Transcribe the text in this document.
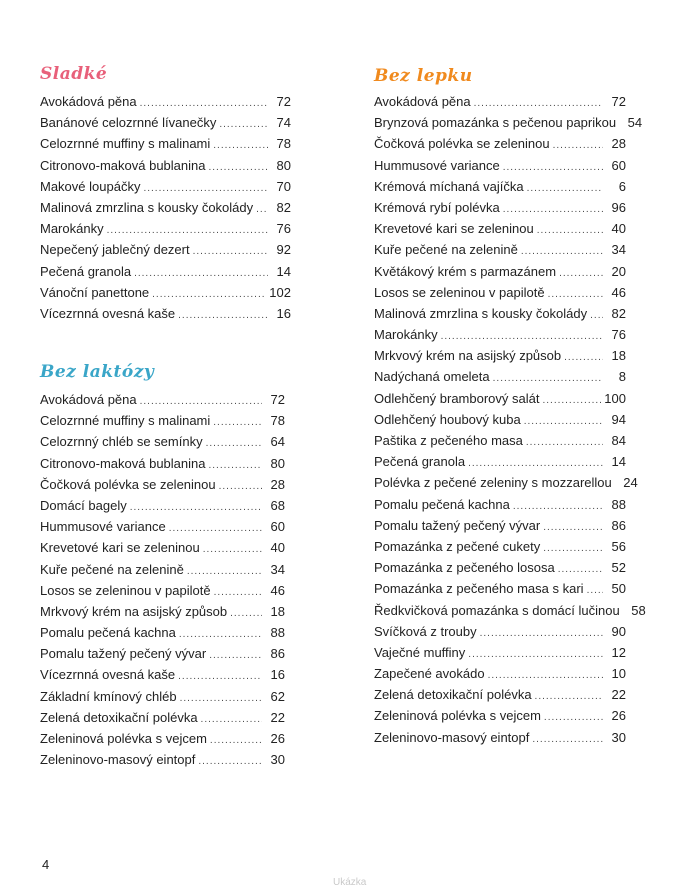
Sladké
Avokádová pěna .....	72
Banánové celozrnné lívanečky .....	74
Celozrnné muffiny s malinami .....	78
Citronovo-maková bublanina .....	80
Makové loupáčky .....	70
Malinová zmrzlina s kousky čokolády .....	82
Marokánky .....	76
Nepečený jablečný dezert .....	92
Pečená granola .....	14
Vánoční panettone .....	102
Vícezrnná ovesná kaše .....	16
Bez laktózy
Avokádová pěna .....	72
Celozrnné muffiny s malinami .....	78
Celozrnný chléb se semínky .....	64
Citronovo-maková bublanina .....	80
Čočková polévka se zeleninou .....	28
Domácí bagely .....	68
Hummusové variance .....	60
Krevetové kari se zeleninou .....	40
Kuře pečené na zelenině .....	34
Losos se zeleninou v papilotě .....	46
Mrkvový krém na asijský způsob .....	18
Pomalu pečená kachna .....	88
Pomalu tažený pečený vývar .....	86
Vícezrnná ovesná kaše .....	16
Základní kmínový chléb .....	62
Zelená detoxikační polévka .....	22
Zeleninová polévka s vejcem .....	26
Zeleninovo-masový eintopf .....	30
Bez lepku
Avokádová pěna .....	72
Brynzová pomazánka s pečenou paprikou 54
Čočková polévka se zeleninou .....	28
Hummusové variance .....	60
Krémová míchaná vajíčka .....	6
Krémová rybí polévka .....	96
Krevetové kari se zeleninou .....	40
Kuře pečené na zelenině .....	34
Květákový krém s parmazánem .....	20
Losos se zeleninou v papilotě .....	46
Malinová zmrzlina s kousky čokolády .....	82
Marokánky .....	76
Mrkvový krém na asijský způsob .....	18
Nadýchaná omeleta .....	8
Odlehčený bramborový salát .....	100
Odlehčený houbový kuba .....	94
Paštika z pečeného masa .....	84
Pečená granola .....	14
Polévka z pečené zeleniny s mozzarellou 24
Pomalu pečená kachna .....	88
Pomalu tažený pečený vývar .....	86
Pomazánka z pečené cukety .....	56
Pomazánka z pečeného lososa .....	52
Pomazánka z pečeného masa s kari .....	50
Ředkvičková pomazánka s domácí lučinou 58
Svíčková z trouby .....	90
Vaječné muffiny .....	12
Zapečené avokádo .....	10
Zelená detoxikační polévka .....	22
Zeleninová polévka s vejcem .....	26
Zeleninovo-masový eintopf .....	30
4
Ukázka
